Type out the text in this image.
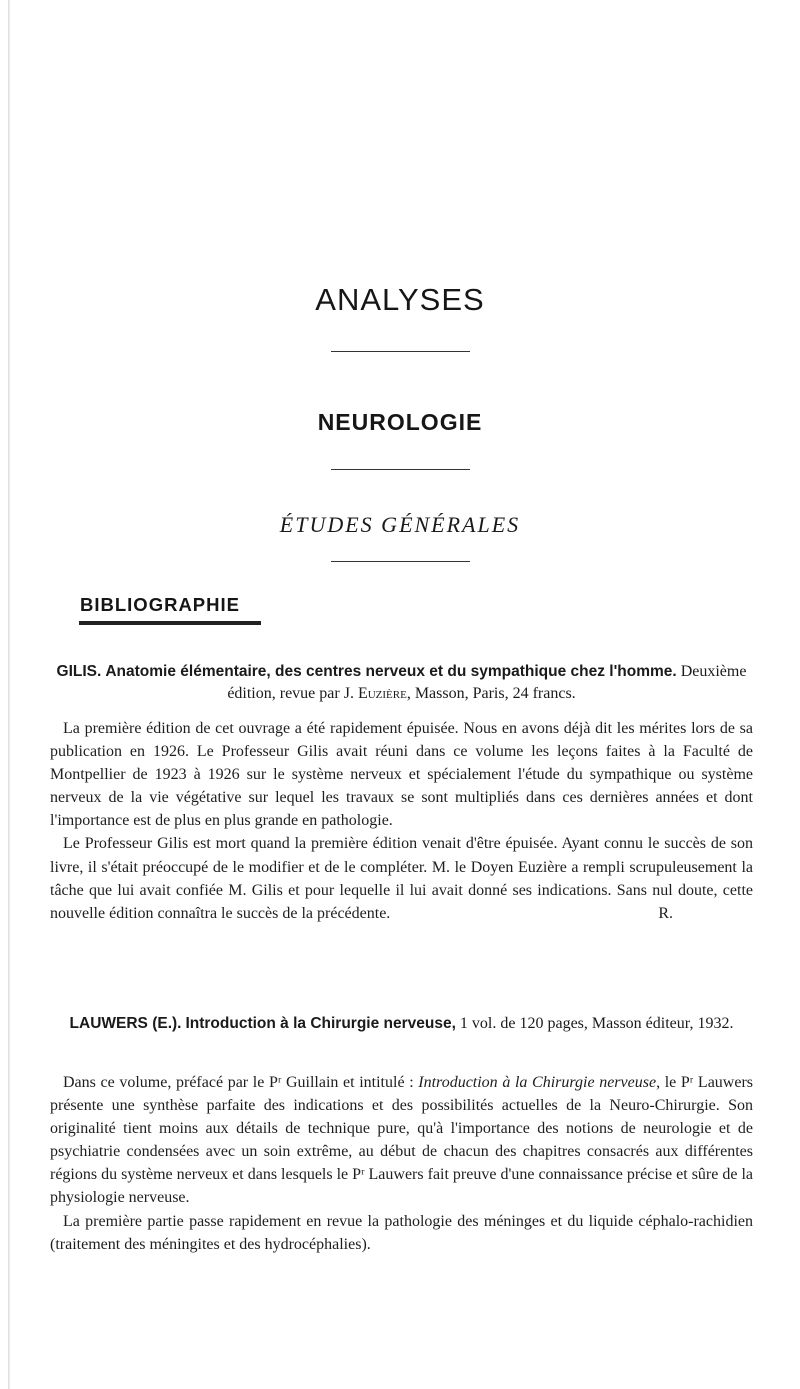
ANALYSES
NEUROLOGIE
ÉTUDES GÉNÉRALES
BIBLIOGRAPHIE
GILIS. Anatomie élémentaire, des centres nerveux et du sympathique chez l'homme. Deuxième édition, revue par J. Euzière, Masson, Paris, 24 francs.

La première édition de cet ouvrage a été rapidement épuisée. Nous en avons déjà dit les mérites lors de sa publication en 1926. Le Professeur Gilis avait réuni dans ce volume les leçons faites à la Faculté de Montpellier de 1923 à 1926 sur le système nerveux et spécialement l'étude du sympathique ou système nerveux de la vie végétative sur lequel les travaux se sont multipliés dans ces dernières années et dont l'importance est de plus en plus grande en pathologie.

Le Professeur Gilis est mort quand la première édition venait d'être épuisée. Ayant connu le succès de son livre, il s'était préoccupé de le modifier et de le compléter. M. le Doyen Euzière a rempli scrupuleusement la tâche que lui avait confiée M. Gilis et pour lequelle il lui avait donné ses indications. Sans nul doute, cette nouvelle édition connaîtra le succès de la précédente.	R.

LAUWERS (E.). Introduction à la Chirurgie nerveuse, 1 vol. de 120 pages, Masson éditeur, 1932.

Dans ce volume, préfacé par le Pʳ Guillain et intitulé : Introduction à la Chirurgie nerveuse, le Pʳ Lauwers présente une synthèse parfaite des indications et des possibilités actuelles de la Neuro-Chirurgie. Son originalité tient moins aux détails de technique pure, qu'à l'importance des notions de neurologie et de psychiatrie condensées avec un soin extrême, au début de chacun des chapitres consacrés aux différentes régions du système nerveux et dans lesquels le Pʳ Lauwers fait preuve d'une connaissance précise et sûre de la physiologie nerveuse.

La première partie passe rapidement en revue la pathologie des méninges et du liquide céphalo-rachidien (traitement des méningites et des hydrocéphalies).
